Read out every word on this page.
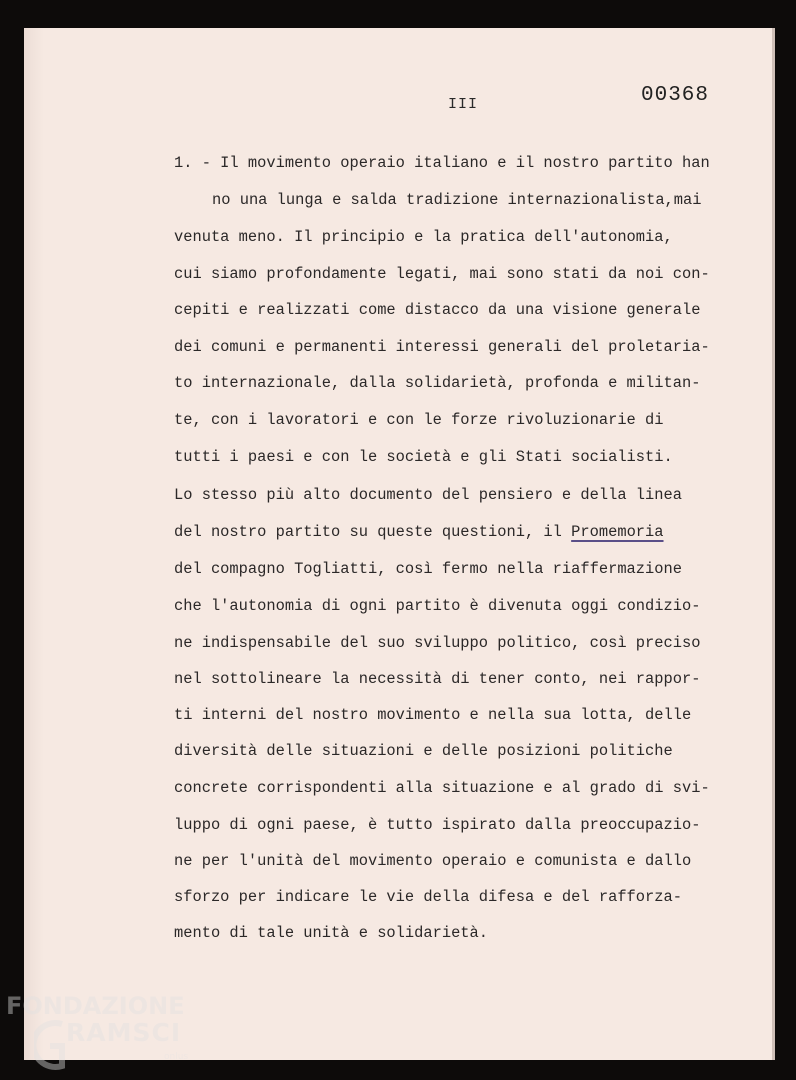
III	00368
1. - Il movimento operaio italiano e il nostro partito han
no una lunga e salda tradizione internazionalista,mai
venuta meno. Il principio e la pratica dell'autonomia,
cui siamo profondamente legati, mai sono stati da noi con-
cepiti e realizzati come distacco da una visione generale
dei comuni e permanenti interessi generali del proletaria-
to internazionale, dalla solidarietà, profonda e militan-
te, con i lavoratori e con le forze rivoluzionarie di
tutti i paesi e con le società e gli Stati socialisti.
Lo stesso più alto documento del pensiero e della linea
del nostro partito su queste questioni, il Promemoria
del compagno Togliatti, così fermo nella riaffermazione
che l'autonomia di ogni partito è divenuta oggi condizio-
ne indispensabile del suo sviluppo politico, così preciso
nel sottolineare la necessità di tener conto, nei rappor-
ti interni del nostro movimento e nella sua lotta, delle
diversità delle situazioni e delle posizioni politiche
concrete corrispondenti alla situazione e al grado di svi-
luppo di ogni paese, è tutto ispirato dalla preoccupazio-
ne per l'unità del movimento operaio e comunista e dallo
sforzo per indicare le vie della difesa e del rafforza-
mento di tale unità e solidarietà.
FONDAZIONE
RAMSCI
onlus
